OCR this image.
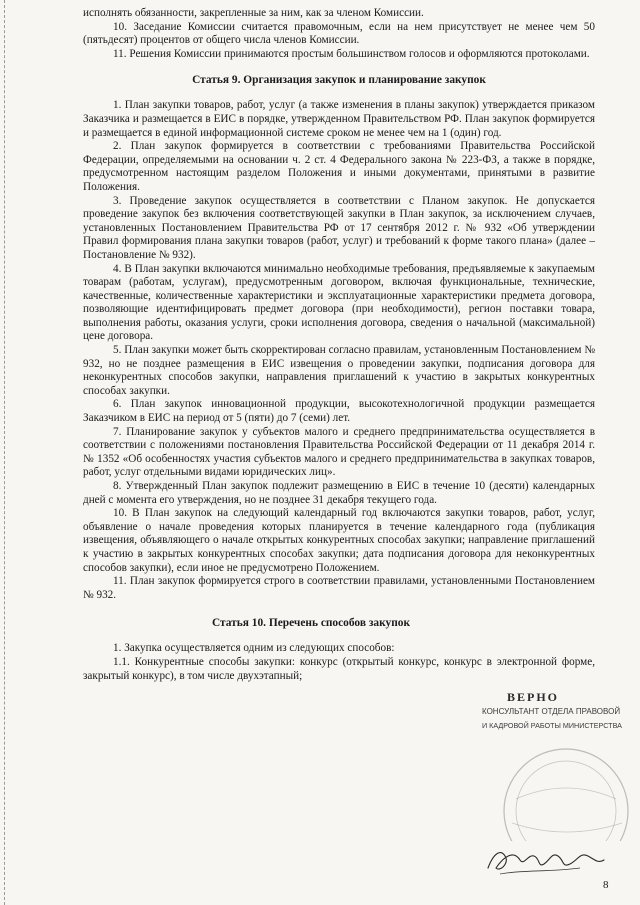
исполнять обязанности, закрепленные за ним, как за членом Комиссии.

10. Заседание Комиссии считается правомочным, если на нем присутствует не менее чем 50 (пятьдесят) процентов от общего числа членов Комиссии.

11. Решения Комиссии принимаются простым большинством голосов и оформляются протоколами.

Статья 9. Организация закупок и планирование закупок

1. План закупки товаров, работ, услуг (а также изменения в планы закупок) утверждается приказом Заказчика и размещается в ЕИС в порядке, утвержденном Правительством РФ. План закупок формируется и размещается в единой информационной системе сроком не менее чем на 1 (один) год.

2. План закупок формируется в соответствии с требованиями Правительства Российской Федерации, определяемыми на основании ч. 2 ст. 4 Федерального закона № 223-ФЗ, а также в порядке, предусмотренном настоящим разделом Положения и иными документами, принятыми в развитие Положения.

3. Проведение закупок осуществляется в соответствии с Планом закупок. Не допускается проведение закупок без включения соответствующей закупки в План закупок, за исключением случаев, установленных Постановлением Правительства РФ от 17 сентября 2012 г. № 932 «Об утверждении Правил формирования плана закупки товаров (работ, услуг) и требований к форме такого плана» (далее – Постановление № 932).

4. В План закупки включаются минимально необходимые требования, предъявляемые к закупаемым товарам (работам, услугам), предусмотренным договором, включая функциональные, технические, качественные, количественные характеристики и эксплуатационные характеристики предмета договора, позволяющие идентифицировать предмет договора (при необходимости), регион поставки товара, выполнения работы, оказания услуги, сроки исполнения договора, сведения о начальной (максимальной) цене договора.

5. План закупки может быть скорректирован согласно правилам, установленным Постановлением № 932, но не позднее размещения в ЕИС извещения о проведении закупки, подписания договора для неконкурентных способов закупки, направления приглашений к участию в закрытых конкурентных способах закупки.

6. План закупок инновационной продукции, высокотехнологичной продукции размещается Заказчиком в ЕИС на период от 5 (пяти) до 7 (семи) лет.

7. Планирование закупок у субъектов малого и среднего предпринимательства осуществляется в соответствии с положениями постановления Правительства Российской Федерации от 11 декабря 2014 г. № 1352 «Об особенностях участия субъектов малого и среднего предпринимательства в закупках товаров, работ, услуг отдельными видами юридических лиц».

8. Утвержденный План закупок подлежит размещению в ЕИС в течение 10 (десяти) календарных дней с момента его утверждения, но не позднее 31 декабря текущего года.

10. В План закупок на следующий календарный год включаются закупки товаров, работ, услуг, объявление о начале проведения которых планируется в течение календарного года (публикация извещения, объявляющего о начале открытых конкурентных способах закупки; направление приглашений к участию в закрытых конкурентных способах закупки; дата подписания договора для неконкурентных способов закупки), если иное не предусмотрено Положением.

11. План закупок формируется строго в соответствии правилами, установленными Постановлением № 932.

Статья 10. Перечень способов закупок

1. Закупка осуществляется одним из следующих способов:

1.1. Конкурентные способы закупки: конкурс (открытый конкурс, конкурс в электронной форме, закрытый конкурс), в том числе двухэтапный;

ВЕРНО
КОНСУЛЬТАНТ ОТДЕЛА ПРАВОВОЙ
И КАДРОВОЙ РАБОТЫ МИНИСТЕРСТВА
8
